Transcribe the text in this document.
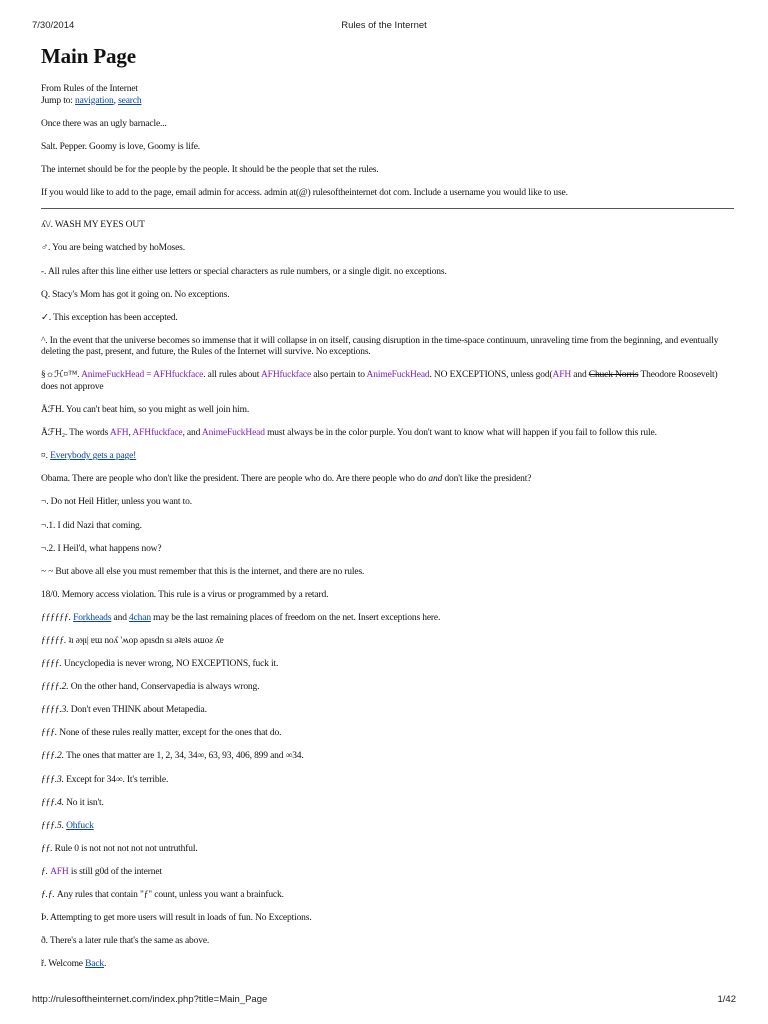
7/30/2014	Rules of the Internet
Main Page
From Rules of the Internet
Jump to: navigation, search

Once there was an ugly barnacle...

Salt. Pepper. Goomy is love, Goomy is life.

The internet should be for the people by the people. It should be the people that set the rules.

If you would like to add to the page, email admin for access. admin at(@) rulesoftheinternet dot com. Include a username you would like to use.

ʎ\/. WASH MY EYES OUT

♂. You are being watched by hoMoses.

-. All rules after this line either use letters or special characters as rule numbers, or a single digit. no exceptions.

Q. Stacy's Mom has got it going on. No exceptions.

✓. This exception has been accepted.

^. In the event that the universe becomes so immense that it will collapse in on itself, causing disruption in the time-space continuum, unraveling time from the beginning, and eventually deleting the past, present, and future, the Rules of the Internet will survive. No exceptions.

§☼ℋ¤™. AnimeFuckHead = AFHfuckface. all rules about AFHfuckface also pertain to AnimeFuckHead. NO EXCEPTIONS, unless god(AFH and Chuck Norris Theodore Roosevelt) does not approve

ÅℱH. You can't beat him, so you might as well join him.

ÅℱH₂. The words AFH, AFHfuckface, and AnimeFuckHead must always be in the color purple. You don't want to know what will happen if you fail to follow this rule.

¤. Everybody gets a page!

Obama. There are people who don't like the president. There are people who do. Are there people who do and don't like the president?

¬. Do not Heil Hitler, unless you want to.

¬.1. I did Nazi that coming.

¬.2. I Heil'd, what happens now?

~ ~ But above all else you must remember that this is the internet, and there are no rules.

18/0. Memory access violation. This rule is a virus or programmed by a retard.

ƒƒƒƒƒƒ. Forkheads and 4chan may be the last remaining places of freedom on the net. Insert exceptions here.

ƒƒƒƒƒ. ʇı ǝʞı| ɐɯ noʎ 'ʍop ǝpısdn sı ǝʇɐʇs ǝɯoƨ ʎɐ

ƒƒƒƒ. Uncyclopedia is never wrong, NO EXCEPTIONS, fuck it.

ƒƒƒƒ.2. On the other hand, Conservapedia is always wrong.

ƒƒƒƒ.3. Don't even THINK about Metapedia.

ƒƒƒ. None of these rules really matter, except for the ones that do.

ƒƒƒ.2. The ones that matter are 1, 2, 34, 34∞, 63, 93, 406, 899 and ∞34.

ƒƒƒ.3. Except for 34∞. It's terrible.

ƒƒƒ.4. No it isn't.

ƒƒƒ.5. Ohfuck

ƒƒ. Rule 0 is not not not not not untruthful.

ƒ. AFH is still g0d of the internet

ƒ.ƒ. Any rules that contain "ƒ" count, unless you want a brainfuck.

Þ. Attempting to get more users will result in loads of fun. No Exceptions.

ð. There's a later rule that's the same as above.

ř. Welcome Back.

http://rulesoftheinternet.com/index.php?title=Main_Page	1/42
